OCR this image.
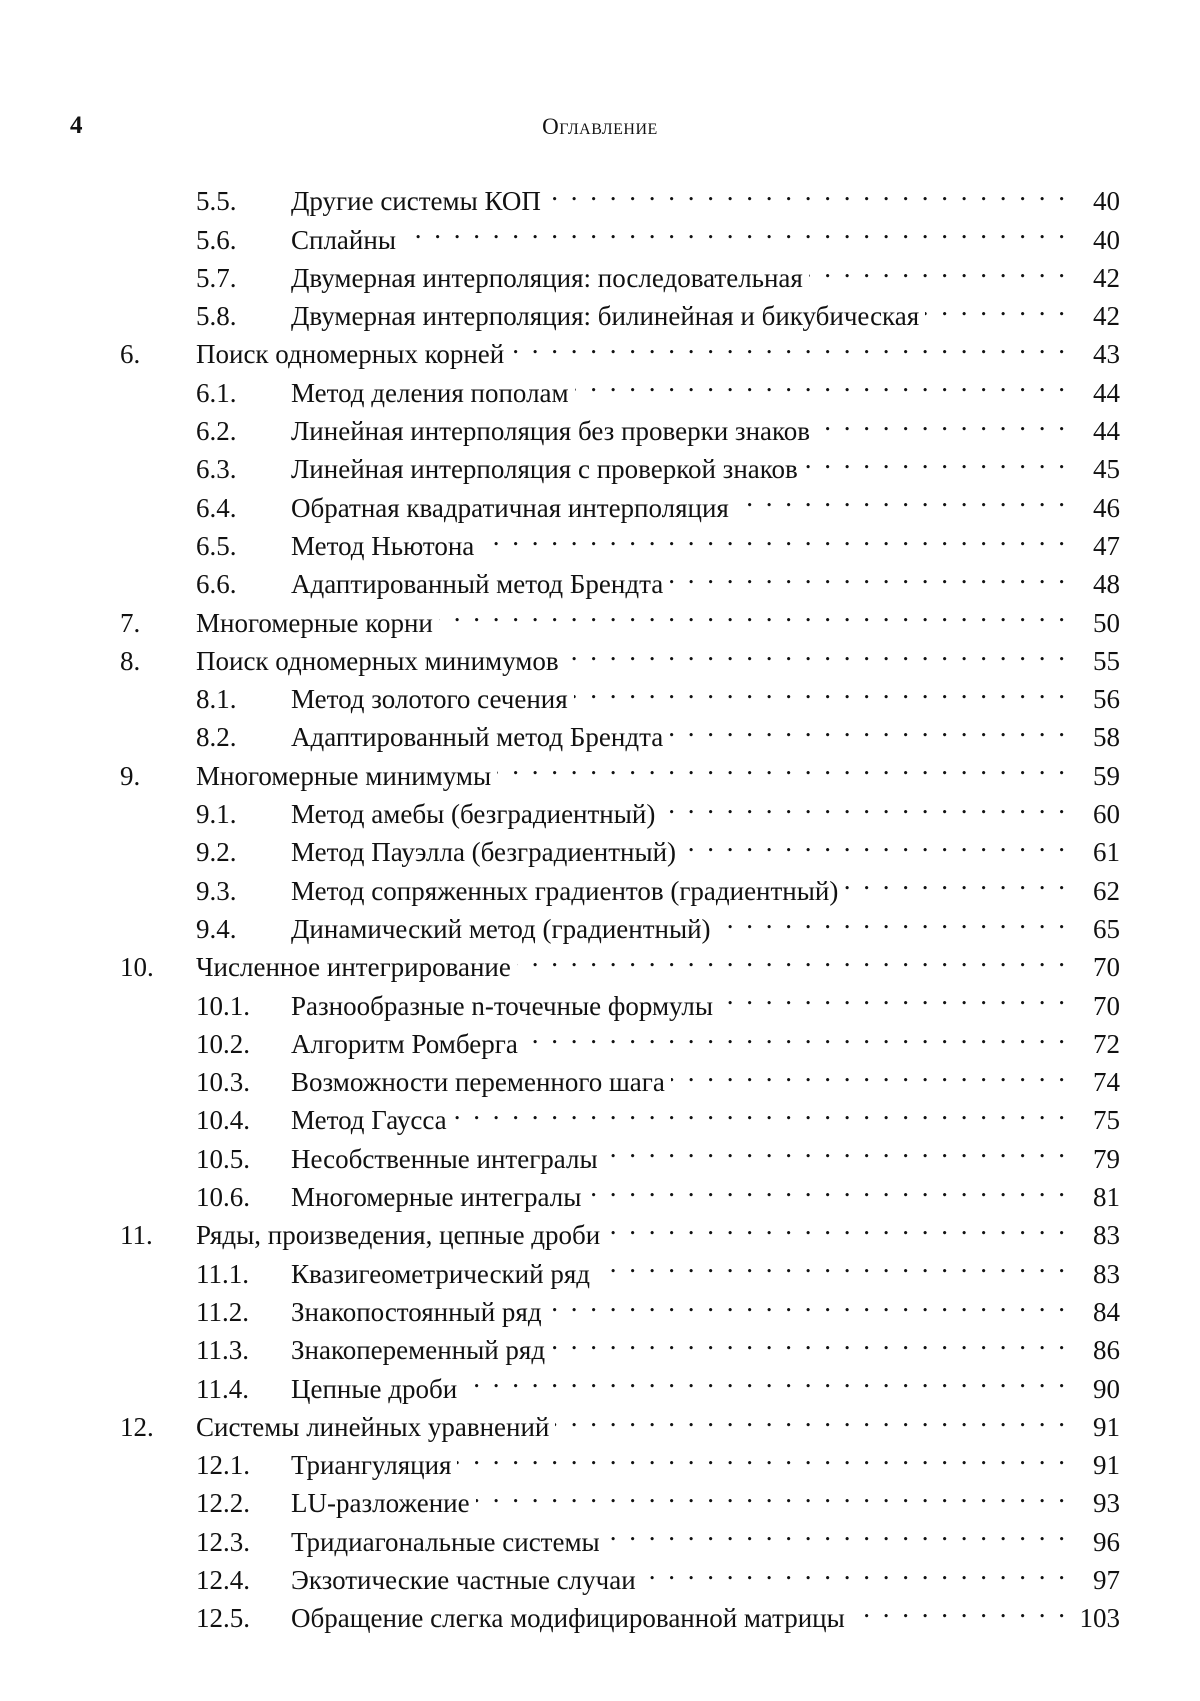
4	Оглавление
5.5.	Другие системы КОП . . .	40
5.6.	Сплайны . . .	40
5.7.	Двумерная интерполяция: последовательная . . .	42
5.8.	Двумерная интерполяция: билинейная и бикубическая . . .	42
6.	Поиск одномерных корней . . .	43
6.1.	Метод деления пополам . . .	44
6.2.	Линейная интерполяция без проверки знаков . . .	44
6.3.	Линейная интерполяция с проверкой знаков . . .	45
6.4.	Обратная квадратичная интерполяция . . .	46
6.5.	Метод Ньютона . . .	47
6.6.	Адаптированный метод Брендта . . .	48
7.	Многомерные корни . . .	50
8.	Поиск одномерных минимумов . . .	55
8.1.	Метод золотого сечения . . .	56
8.2.	Адаптированный метод Брендта . . .	58
9.	Многомерные минимумы . . .	59
9.1.	Метод амебы (безградиентный) . . .	60
9.2.	Метод Пауэлла (безградиентный) . . .	61
9.3.	Метод сопряженных градиентов (градиентный) . . .	62
9.4.	Динамический метод (градиентный) . . .	65
10.	Численное интегрирование . . .	70
10.1.	Разнообразные n-точечные формулы . . .	70
10.2.	Алгоритм Ромберга . . .	72
10.3.	Возможности переменного шага . . .	74
10.4.	Метод Гаусса . . .	75
10.5.	Несобственные интегралы . . .	79
10.6.	Многомерные интегралы . . .	81
11.	Ряды, произведения, цепные дроби . . .	83
11.1.	Квазигеометрический ряд . . .	83
11.2.	Знакопостоянный ряд . . .	84
11.3.	Знакопеременный ряд . . .	86
11.4.	Цепные дроби . . .	90
12.	Системы линейных уравнений . . .	91
12.1.	Триангуляция . . .	91
12.2.	LU-разложение . . .	93
12.3.	Тридиагональные системы . . .	96
12.4.	Экзотические частные случаи . . .	97
12.5.	Обращение слегка модифицированной матрицы . . .	103
